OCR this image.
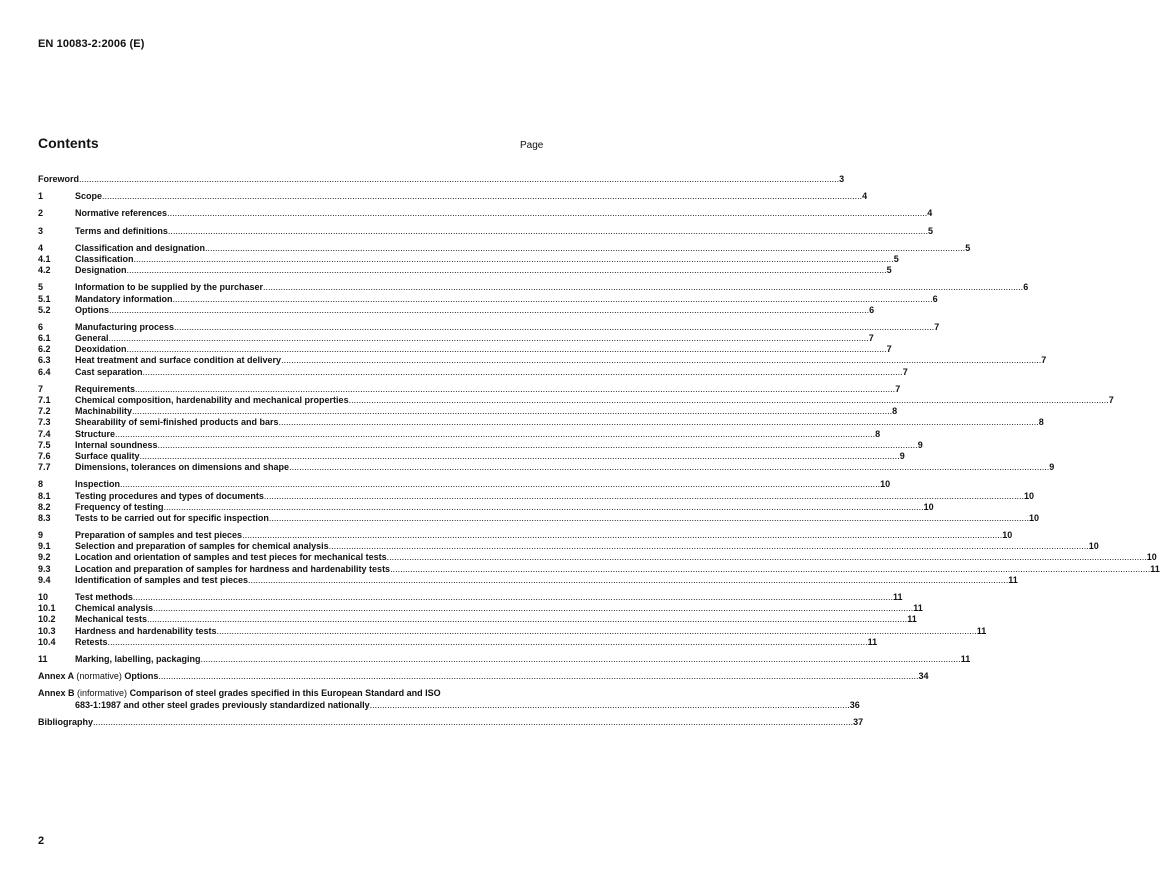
EN 10083-2:2006 (E)
Contents	Page
Foreword .....	3
1	Scope .....	4
2	Normative references .....	4
3	Terms and definitions .....	5
4	Classification and designation .....	5
4.1	Classification .....	5
4.2	Designation .....	5
5	Information to be supplied by the purchaser .....	6
5.1	Mandatory information .....	6
5.2	Options .....	6
6	Manufacturing process .....	7
6.1	General .....	7
6.2	Deoxidation .....	7
6.3	Heat treatment and surface condition at delivery .....	7
6.4	Cast separation .....	7
7	Requirements .....	7
7.1	Chemical composition, hardenability and mechanical properties .....	7
7.2	Machinability .....	8
7.3	Shearability of semi-finished products and bars .....	8
7.4	Structure .....	8
7.5	Internal soundness .....	9
7.6	Surface quality .....	9
7.7	Dimensions, tolerances on dimensions and shape .....	9
8	Inspection .....	10
8.1	Testing procedures and types of documents .....	10
8.2	Frequency of testing .....	10
8.3	Tests to be carried out for specific inspection .....	10
9	Preparation of samples and test pieces .....	10
9.1	Selection and preparation of samples for chemical analysis .....	10
9.2	Location and orientation of samples and test pieces for mechanical tests .....	10
9.3	Location and preparation of samples for hardness and hardenability tests .....	11
9.4	Identification of samples and test pieces .....	11
10	Test methods .....	11
10.1	Chemical analysis .....	11
10.2	Mechanical tests .....	11
10.3	Hardness and hardenability tests .....	11
10.4	Retests .....	11
11	Marking, labelling, packaging .....	11
Annex A (normative) Options .....	34
Annex B (informative) Comparison of steel grades specified in this European Standard and ISO
683-1:1987 and other steel grades previously standardized nationally .....	36
Bibliography .....	37
2
